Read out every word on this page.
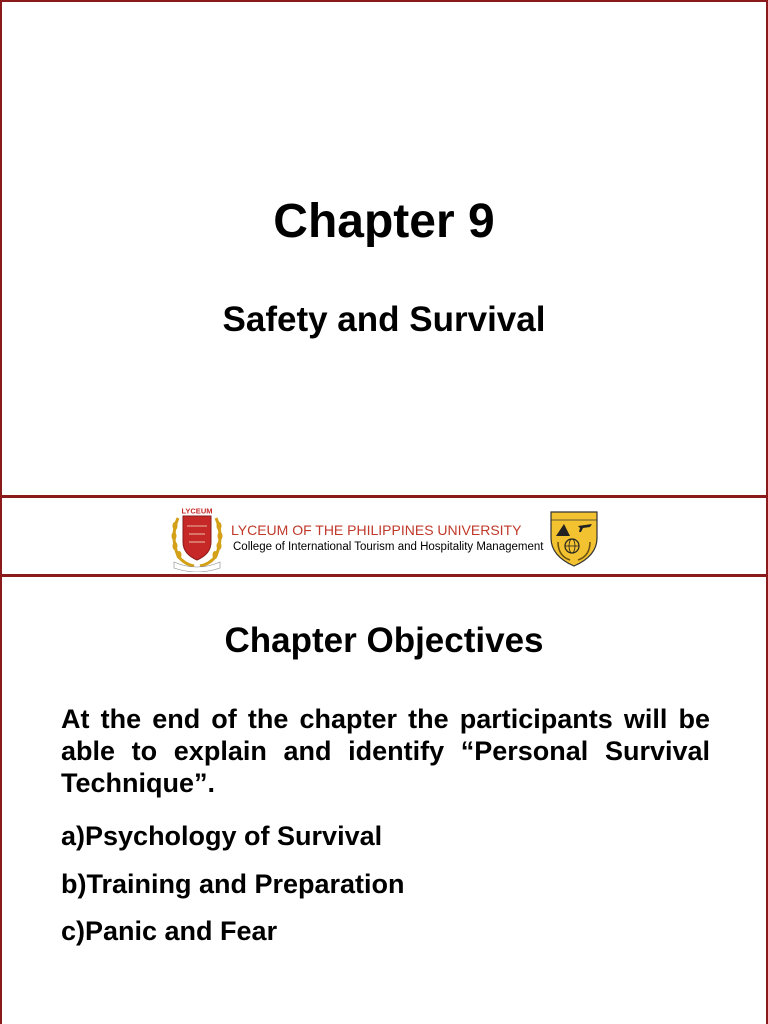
Chapter 9
Safety and Survival
LYCEUM
LYCEUM OF THE PHILIPPINES UNIVERSITY
College of International Tourism and Hospitality Management
Chapter Objectives

At the end of the chapter the participants will be able to explain and identify “Personal Survival Technique”.

a)Psychology of Survival
b)Training and Preparation
c)Panic and Fear
